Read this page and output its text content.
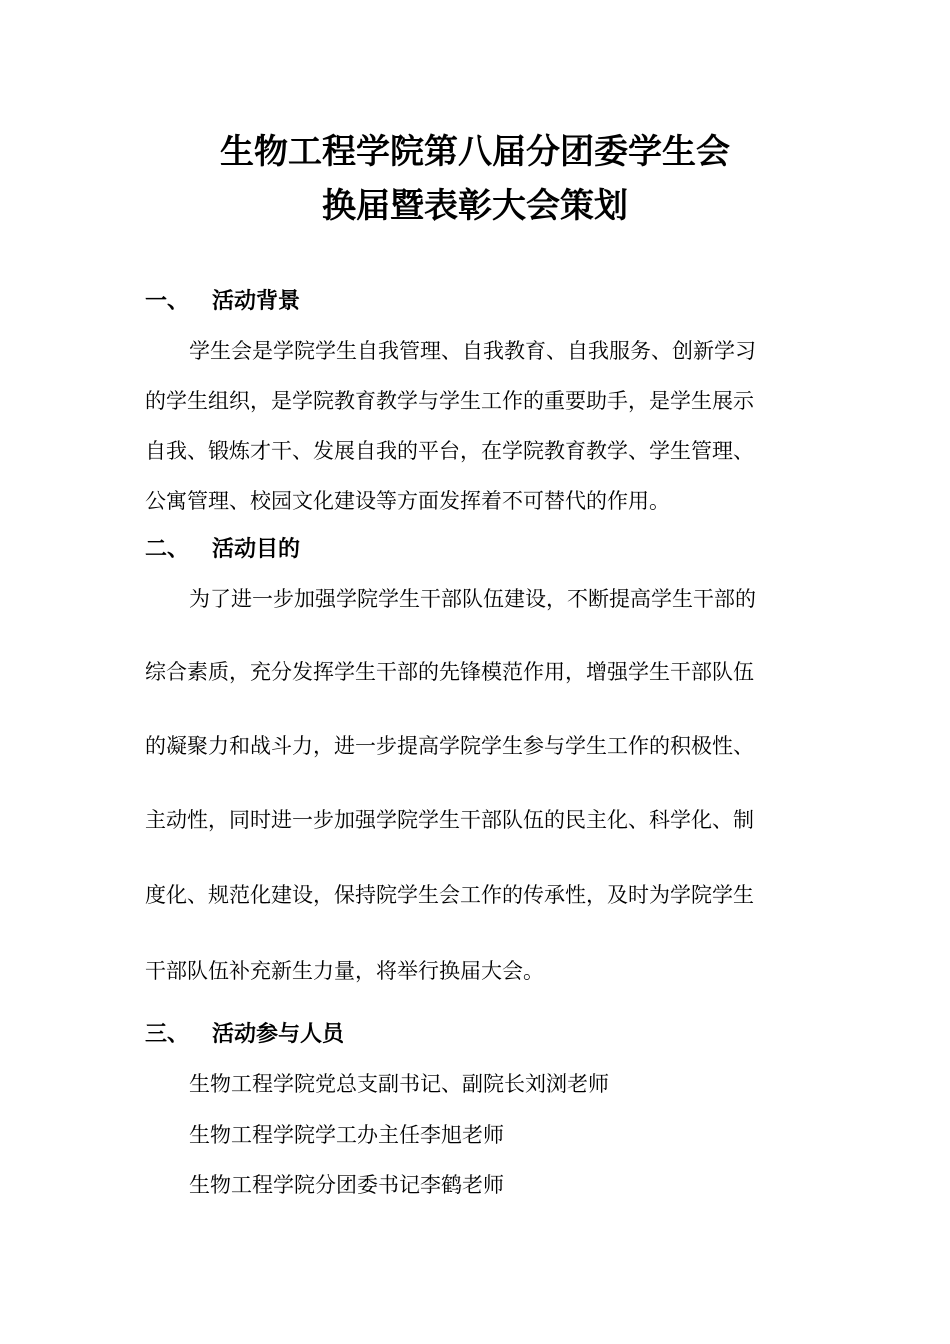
生物工程学院第八届分团委学生会
换届暨表彰大会策划
一、 活动背景
学生会是学院学生自我管理、自我教育、自我服务、创新学习
的学生组织，是学院教育教学与学生工作的重要助手，是学生展示
自我、锻炼才干、发展自我的平台，在学院教育教学、学生管理、
公寓管理、校园文化建设等方面发挥着不可替代的作用。
二、 活动目的
为了进一步加强学院学生干部队伍建设，不断提高学生干部的
综合素质，充分发挥学生干部的先锋模范作用，增强学生干部队伍
的凝聚力和战斗力，进一步提高学院学生参与学生工作的积极性、
主动性，同时进一步加强学院学生干部队伍的民主化、科学化、制
度化、规范化建设，保持院学生会工作的传承性，及时为学院学生
干部队伍补充新生力量，将举行换届大会。
三、 活动参与人员
生物工程学院党总支副书记、副院长刘浏老师
生物工程学院学工办主任李旭老师
生物工程学院分团委书记李鹤老师
